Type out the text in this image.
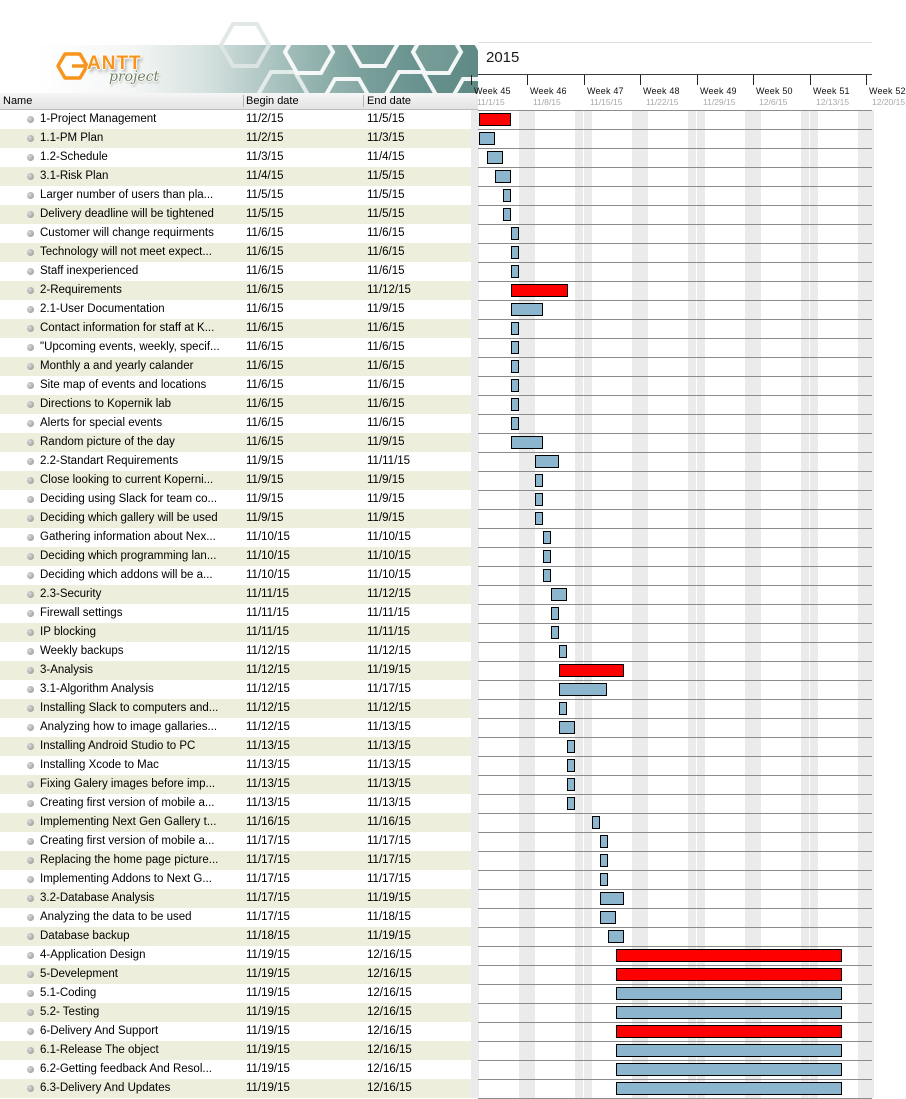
ANTT
project
Name	Begin date	End date
1-Project Management	11/2/15	11/5/15
1.1-PM Plan	11/2/15	11/3/15
1.2-Schedule	11/3/15	11/4/15
3.1-Risk Plan	11/4/15	11/5/15
Larger number of users than pla...	11/5/15	11/5/15
Delivery deadline will be tightened	11/5/15	11/5/15
Customer will change requirments	11/6/15	11/6/15
Technology will not meet expect...	11/6/15	11/6/15
Staff inexperienced	11/6/15	11/6/15
2-Requirements	11/6/15	11/12/15
2.1-User Documentation	11/6/15	11/9/15
Contact information for staff at K...	11/6/15	11/6/15
"Upcoming events, weekly, specif...	11/6/15	11/6/15
Monthly a and yearly calander	11/6/15	11/6/15
Site map of events and locations	11/6/15	11/6/15
Directions to Kopernik lab	11/6/15	11/6/15
Alerts for special events	11/6/15	11/6/15
Random picture of the day	11/6/15	11/9/15
2.2-Standart Requirements	11/9/15	11/11/15
Close looking to current Koperni...	11/9/15	11/9/15
Deciding using Slack for team co...	11/9/15	11/9/15
Deciding which gallery will be used	11/9/15	11/9/15
Gathering information about Nex...	11/10/15	11/10/15
Deciding which programming lan...	11/10/15	11/10/15
Deciding which addons will be a...	11/10/15	11/10/15
2.3-Security	11/11/15	11/12/15
Firewall settings	11/11/15	11/11/15
IP blocking	11/11/15	11/11/15
Weekly backups	11/12/15	11/12/15
3-Analysis	11/12/15	11/19/15
3.1-Algorithm Analysis	11/12/15	11/17/15
Installing Slack to computers and...	11/12/15	11/12/15
Analyzing how to image gallaries...	11/12/15	11/13/15
Installing Android Studio to PC	11/13/15	11/13/15
Installing Xcode to Mac	11/13/15	11/13/15
Fixing Galery images before imp...	11/13/15	11/13/15
Creating first version of mobile a...	11/13/15	11/13/15
Implementing Next Gen Gallery t...	11/16/15	11/16/15
Creating first version of mobile a...	11/17/15	11/17/15
Replacing the home page picture...	11/17/15	11/17/15
Implementing Addons to Next G...	11/17/15	11/17/15
3.2-Database Analysis	11/17/15	11/19/15
Analyzing the data to be used	11/17/15	11/18/15
Database backup	11/18/15	11/19/15
4-Application Design	11/19/15	12/16/15
5-Develepment	11/19/15	12/16/15
5.1-Coding	11/19/15	12/16/15
5.2- Testing	11/19/15	12/16/15
6-Delivery And Support	11/19/15	12/16/15
6.1-Release The object	11/19/15	12/16/15
6.2-Getting feedback And Resol...	11/19/15	12/16/15
6.3-Delivery And Updates	11/19/15	12/16/15
2015
Week 45
11/1/15
Week 46
11/8/15
Week 47
11/15/15
Week 48
11/22/15
Week 49
11/29/15
Week 50
12/6/15
Week 51
12/13/15
Week 52
12/20/15
